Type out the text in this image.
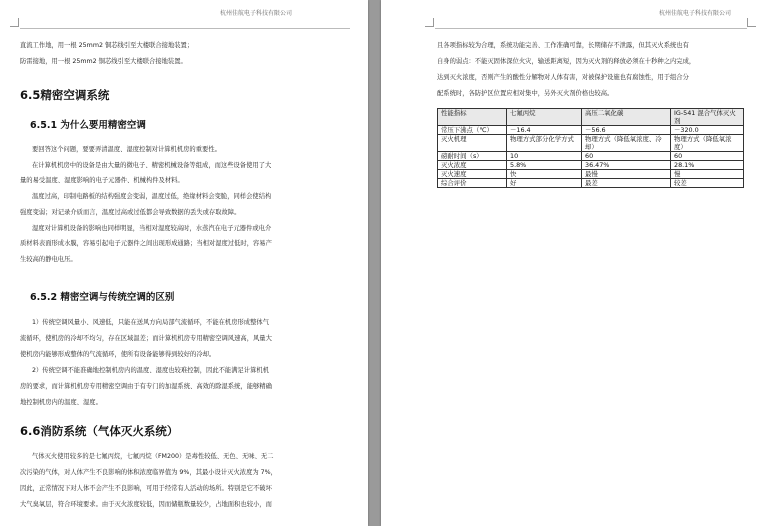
杭州佳航电子科技有限公司
直流工作地，用一根 25mm2 铜芯线引至大楼联合接地装置；
防雷接地，用一根 25mm2 铜芯线引至大楼联合接地装置。
6.5精密空调系统
6.5.1 为什么要用精密空调
要回答这个问题，要要弄清温度、湿度控制对计算机机房的重要性。
在计算机机房中的设备是由大量的微电子、精密机械设备等组成，而这些设备使用了大
量的易受温度、湿度影响的电子元器件、机械构件及材料。
温度过高，印制电路板的结构强度会变弱，温度过低，绝缘材料会变脆，同样会使结构
强度变弱；对记录介质而言，温度过高或过低都会导致数据的丢失或存取故障。
湿度对计算机设备的影响也同样明显，当相对湿度较高时，水蒸汽在电子元器件或电介
质材料表面形成水膜，容易引起电子元器件之间出现形成通路；当相对湿度过低时，容易产
生较高的静电电压。
6.5.2 精密空调与传统空调的区别
1）传统空调风量小、风速低，只能在送风方向局部气流循环，不能在机房形成整体气
流循环，使机房的冷却不均匀，存在区域温差；而计算机机房专用精密空调风速高，风量大
使机房内能够形成整体的气流循环，使所有设备能够得到较好的冷却。
2）传统空调不能准确地控制机房内的温度、湿度也较难控制，因此不能满足计算机机
房的要求，而计算机机房专用精密空调由于有专门的加湿系统、高效的除湿系统，能够精确
地控制机房内的温度、湿度。
6.6消防系统（气体灭火系统）
气体灭火使用较多的是七氟丙烷，七氟丙烷（FM200）是毒性较低、无色、无味、无二
次污染的气体，对人体产生不良影响的体积浓度临界值为 9%，其最小设计灭火浓度为 7%，
因此，正常情况下对人体不会产生不良影响，可用于经常有人活动的场所。特别是它不破坏
大气臭氧层，符合环境要求。由于灭火浓度较低，因而储瓶数量较少，占地面积也较小，而
杭州佳航电子科技有限公司
且各项指标较为合理，系统功能完善、工作准确可靠，长期储存不泄露，但其灭火系统也有
自身的弱点：不能灭固体深位火灾，输送距离短，因为灭火剂的释放必须在十秒种之内完成，
达到灭火浓度，否则产生的酸性分解物对人体有害，对被保护设施也有腐蚀性，用于组合分
配系统时，各防护区位置应相对集中，另外灭火剂价格也较高。
性能指标	七氟丙烷	高压二氧化碳	IG-541 混合气体灭火剂
常压下沸点（℃）	－16.4	－56.6	－320.0
灭火机理	物理方式部分化学方式	物理方式（降低氧浓度、冷却）	物理方式（降低氧浓度）
磅耐时间（s）	10	60	60
灭火浓度	5.8%	36.47%	28.1%
灭火速度	快	最慢	慢
综合评价	好	最差	较差
